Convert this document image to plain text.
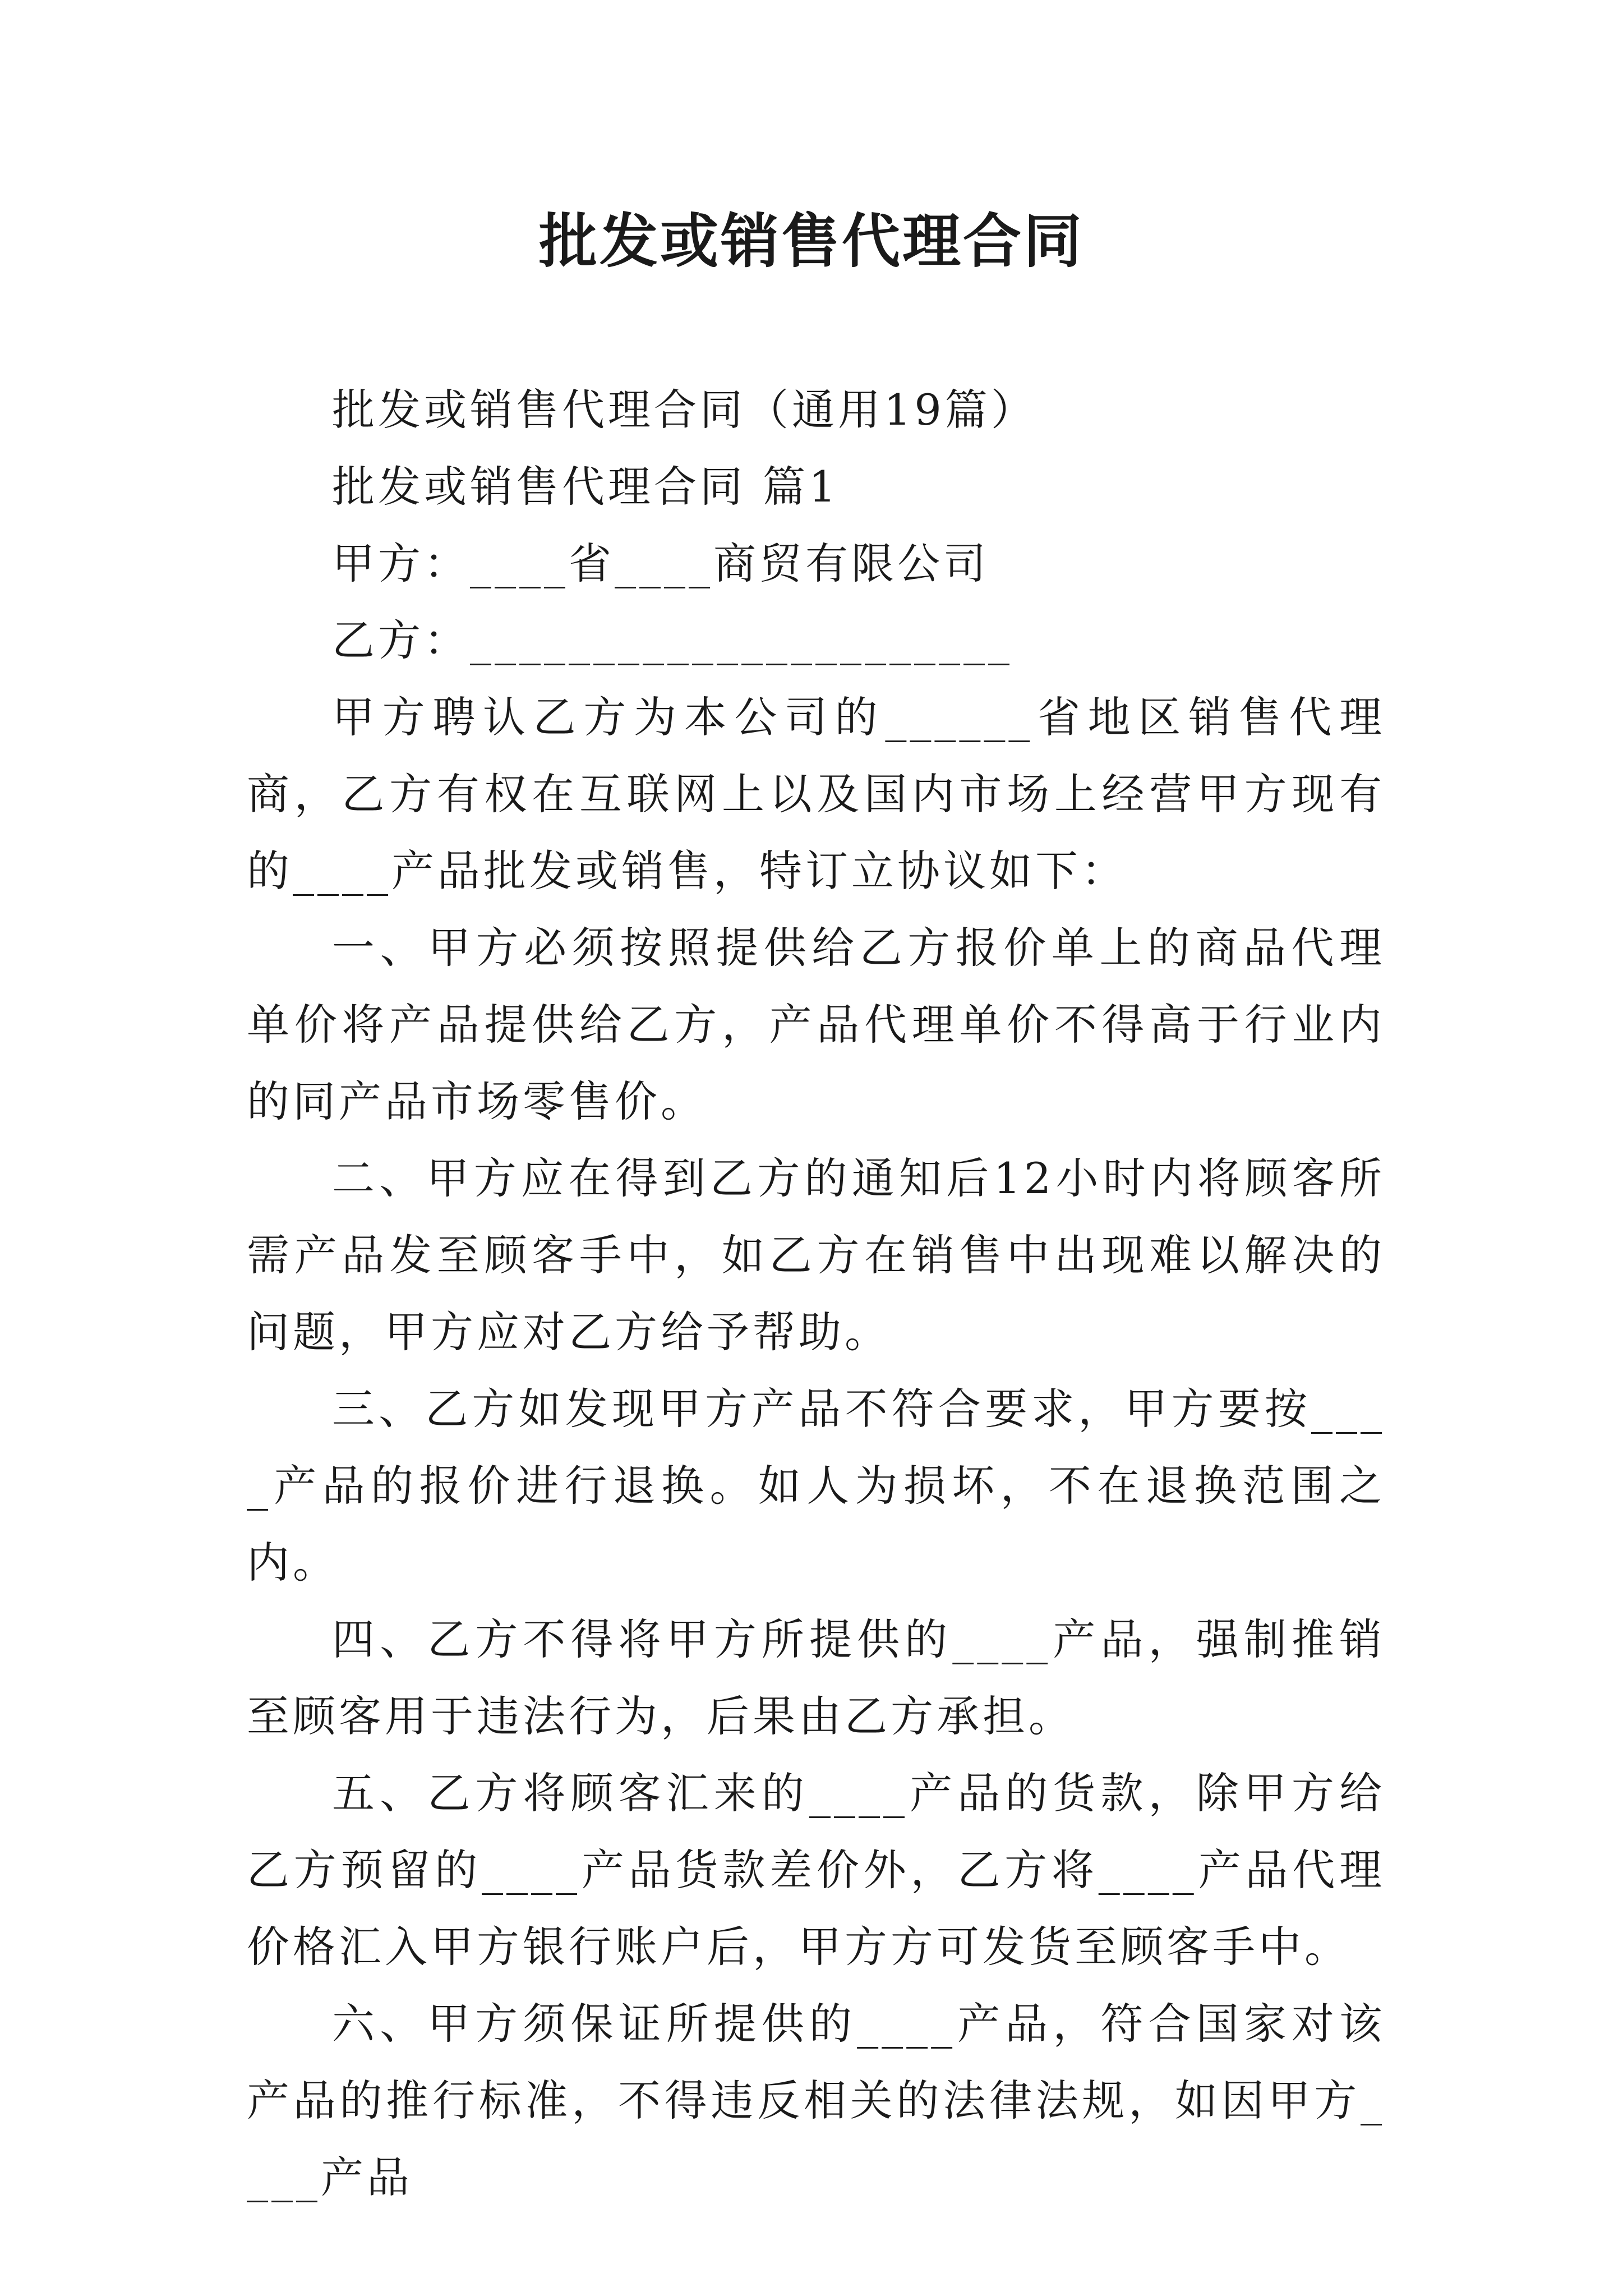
批发或销售代理合同

批发或销售代理合同（通用19篇）

批发或销售代理合同 篇1

甲方：____省____商贸有限公司

乙方：______________________

甲方聘认乙方为本公司的______省地区销售代理商，乙方有权在互联网上以及国内市场上经营甲方现有的____产品批发或销售，特订立协议如下：

一、甲方必须按照提供给乙方报价单上的商品代理单价将产品提供给乙方，产品代理单价不得高于行业内的同产品市场零售价。

二、甲方应在得到乙方的通知后12小时内将顾客所需产品发至顾客手中，如乙方在销售中出现难以解决的问题，甲方应对乙方给予帮助。

三、乙方如发现甲方产品不符合要求，甲方要按____产品的报价进行退换。如人为损坏，不在退换范围之内。

四、乙方不得将甲方所提供的____产品，强制推销至顾客用于违法行为，后果由乙方承担。

五、乙方将顾客汇来的____产品的货款，除甲方给乙方预留的____产品货款差价外，乙方将____产品代理价格汇入甲方银行账户后，甲方方可发货至顾客手中。

六、甲方须保证所提供的____产品，符合国家对该产品的推行标准，不得违反相关的法律法规，如因甲方____产品
